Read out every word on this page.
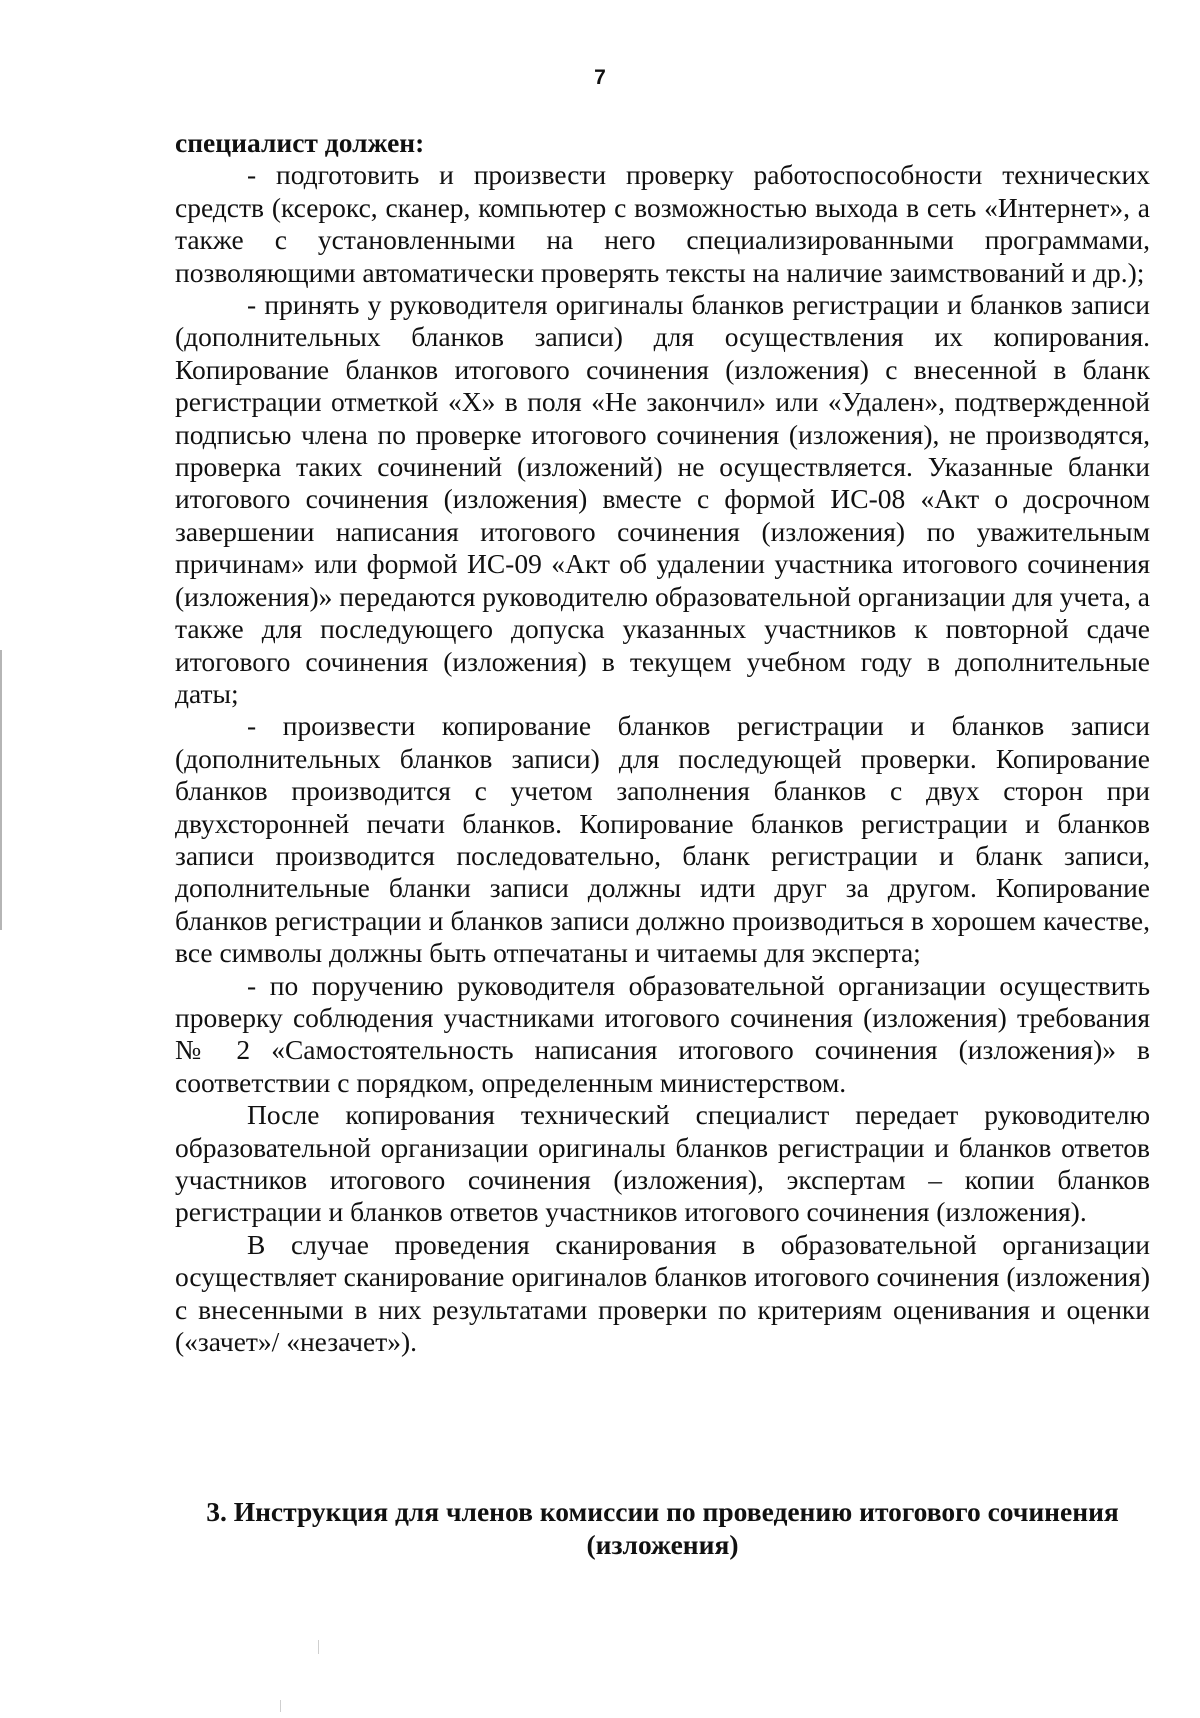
7

специалист должен:

- подготовить и произвести проверку работоспособности технических средств (ксерокс, сканер, компьютер с возможностью выхода в сеть «Интернет», а также с установленными на него специализированными программами, позволяющими автоматически проверять тексты на наличие заимствований и др.);

- принять у руководителя оригиналы бланков регистрации и бланков записи (дополнительных бланков записи) для осуществления их копирования. Копирование бланков итогового сочинения (изложения) с внесенной в бланк регистрации отметкой «X» в поля «Не закончил» или «Удален», подтвержденной подписью члена по проверке итогового сочинения (изложения), не производятся, проверка таких сочинений (изложений) не осуществляется. Указанные бланки итогового сочинения (изложения) вместе с формой ИС-08 «Акт о досрочном завершении написания итогового сочинения (изложения) по уважительным причинам» или формой ИС-09 «Акт об удалении участника итогового сочинения (изложения)» передаются руководителю образовательной организации для учета, а также для последующего допуска указанных участников к повторной сдаче итогового сочинения (изложения) в текущем учебном году в дополнительные даты;

- произвести копирование бланков регистрации и бланков записи (дополнительных бланков записи) для последующей проверки. Копирование бланков производится с учетом заполнения бланков с двух сторон при двухсторонней печати бланков. Копирование бланков регистрации и бланков записи производится последовательно, бланк регистрации и бланк записи, дополнительные бланки записи должны идти друг за другом. Копирование бланков регистрации и бланков записи должно производиться в хорошем качестве, все символы должны быть отпечатаны и читаемы для эксперта;

- по поручению руководителя образовательной организации осуществить проверку соблюдения участниками итогового сочинения (изложения) требования № 2 «Самостоятельность написания итогового сочинения (изложения)» в соответствии с порядком, определенным министерством.

После копирования технический специалист передает руководителю образовательной организации оригиналы бланков регистрации и бланков ответов участников итогового сочинения (изложения), экспертам – копии бланков регистрации и бланков ответов участников итогового сочинения (изложения).

В случае проведения сканирования в образовательной организации осуществляет сканирование оригиналов бланков итогового сочинения (изложения) с внесенными в них результатами проверки по критериям оценивания и оценки («зачет»/ «незачет»).

3. Инструкция для членов комиссии по проведению итогового сочинения (изложения)
